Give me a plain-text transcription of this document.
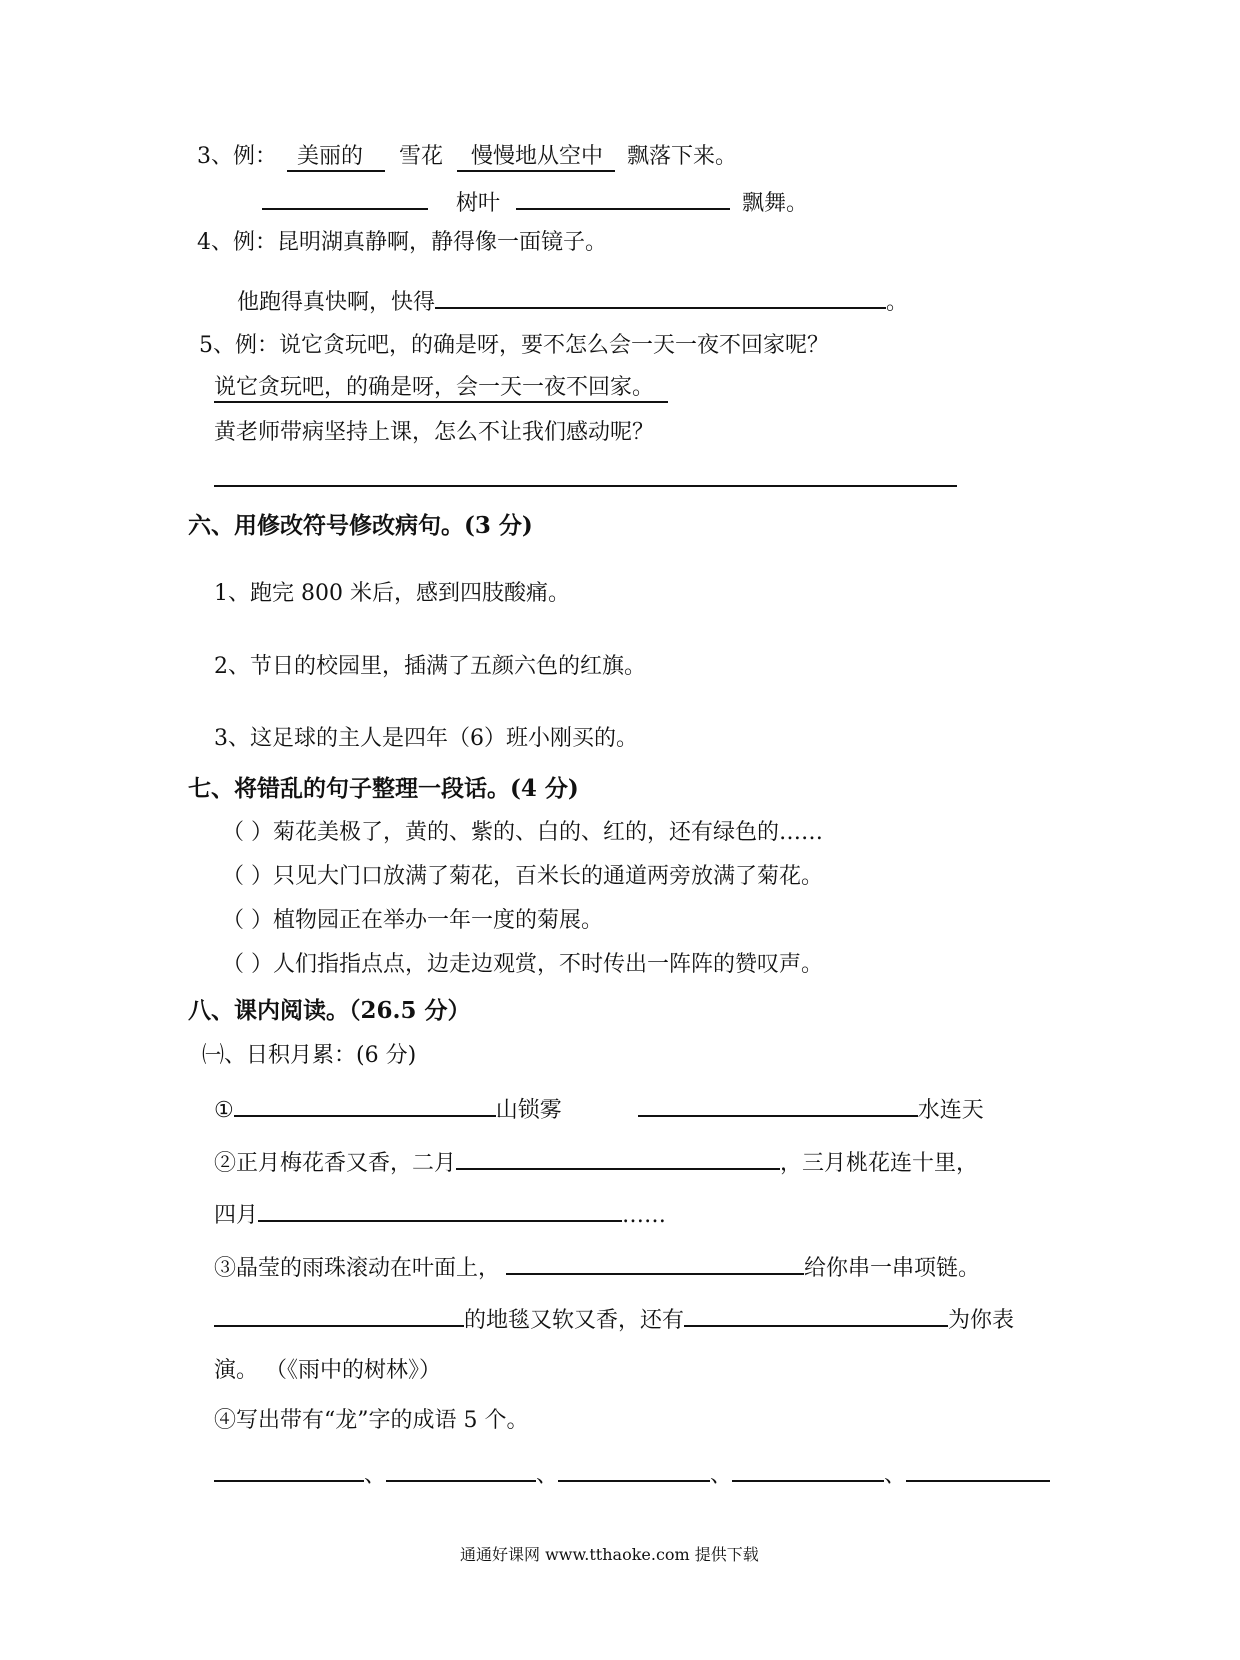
3、例： 美丽的 雪花 慢慢地从空中 飘落下来。
树叶	飘舞。
4、例：昆明湖真静啊，静得像一面镜子。
他跑得真快啊，快得	。
5、例：说它贪玩吧，的确是呀，要不怎么会一天一夜不回家呢？
说它贪玩吧，的确是呀，会一天一夜不回家。
黄老师带病坚持上课，怎么不让我们感动呢？
六、用修改符号修改病句。(3 分)
1、跑完 800 米后，感到四肢酸痛。
2、节日的校园里，插满了五颜六色的红旗。
3、这足球的主人是四年（6）班小刚买的。
七、将错乱的句子整理一段话。(4 分)
（ ）菊花美极了，黄的、紫的、白的、红的，还有绿色的……
（ ）只见大门口放满了菊花，百米长的通道两旁放满了菊花。
（ ）植物园正在举办一年一度的菊展。
（ ）人们指指点点，边走边观赏，不时传出一阵阵的赞叹声。
八、课内阅读。（26.5 分）
㈠、日积月累：(6 分)
①	山锁雾	水连天
②正月梅花香又香，二月	，三月桃花连十里，
四月	……
③晶莹的雨珠滚动在叶面上，	给你串一串项链。
的地毯又软又香，还有	为你表
演。 （《雨中的树林》）
④写出带有“龙”字的成语 5 个。
、	、	、	、
通通好课网 www.tthaoke.com 提供下载
